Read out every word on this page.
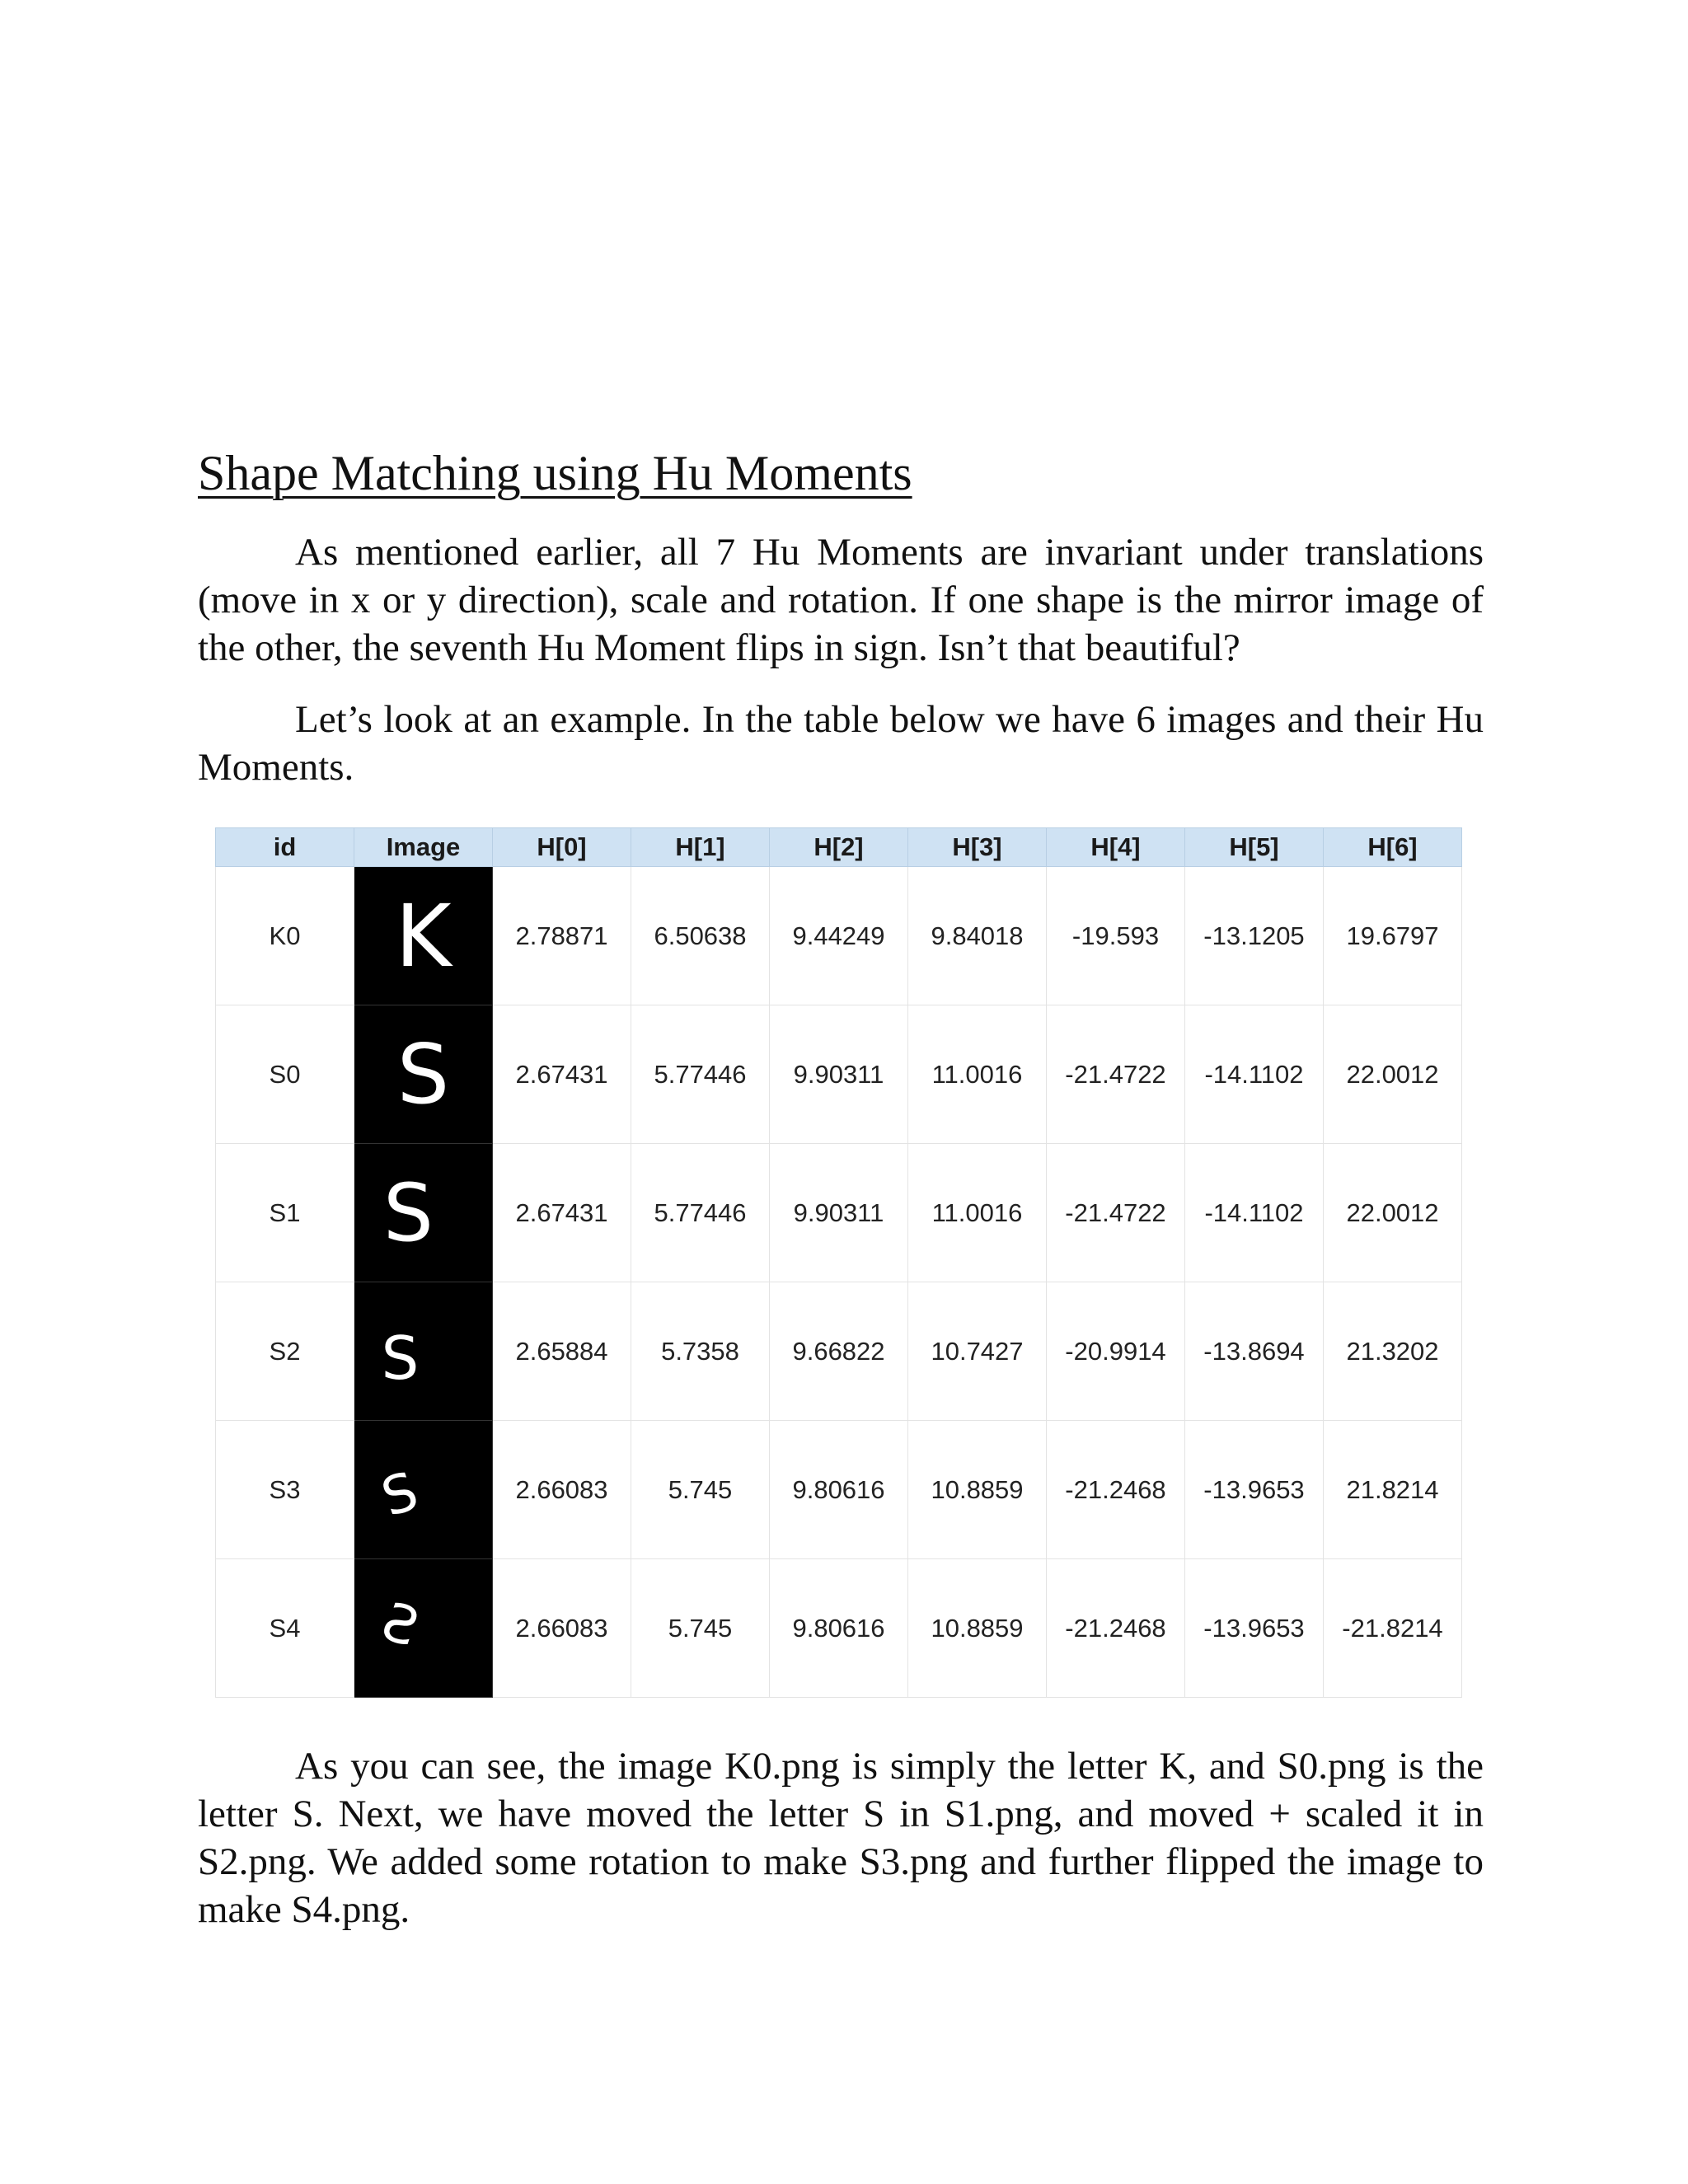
Shape Matching using Hu Moments

As mentioned earlier, all 7 Hu Moments are invariant under translations (move in x or y direction), scale and rotation. If one shape is the mirror image of the other, the seventh Hu Moment flips in sign. Isn’t that beautiful?

Let’s look at an example. In the table below we have 6 images and their Hu Moments.

id	Image	H[0]	H[1]	H[2]	H[3]	H[4]	H[5]	H[6]
K0	K	2.78871	6.50638	9.44249	9.84018	-19.593	-13.1205	19.6797
S0	S	2.67431	5.77446	9.90311	11.0016	-21.4722	-14.1102	22.0012
S1	S	2.67431	5.77446	9.90311	11.0016	-21.4722	-14.1102	22.0012
S2	S	2.65884	5.7358	9.66822	10.7427	-20.9914	-13.8694	21.3202
S3	S	2.66083	5.745	9.80616	10.8859	-21.2468	-13.9653	21.8214
S4	S	2.66083	5.745	9.80616	10.8859	-21.2468	-13.9653	-21.8214

As you can see, the image K0.png is simply the letter K, and S0.png is the letter S. Next, we have moved the letter S in S1.png, and moved + scaled it in S2.png. We added some rotation to make S3.png and further flipped the image to make S4.png.
